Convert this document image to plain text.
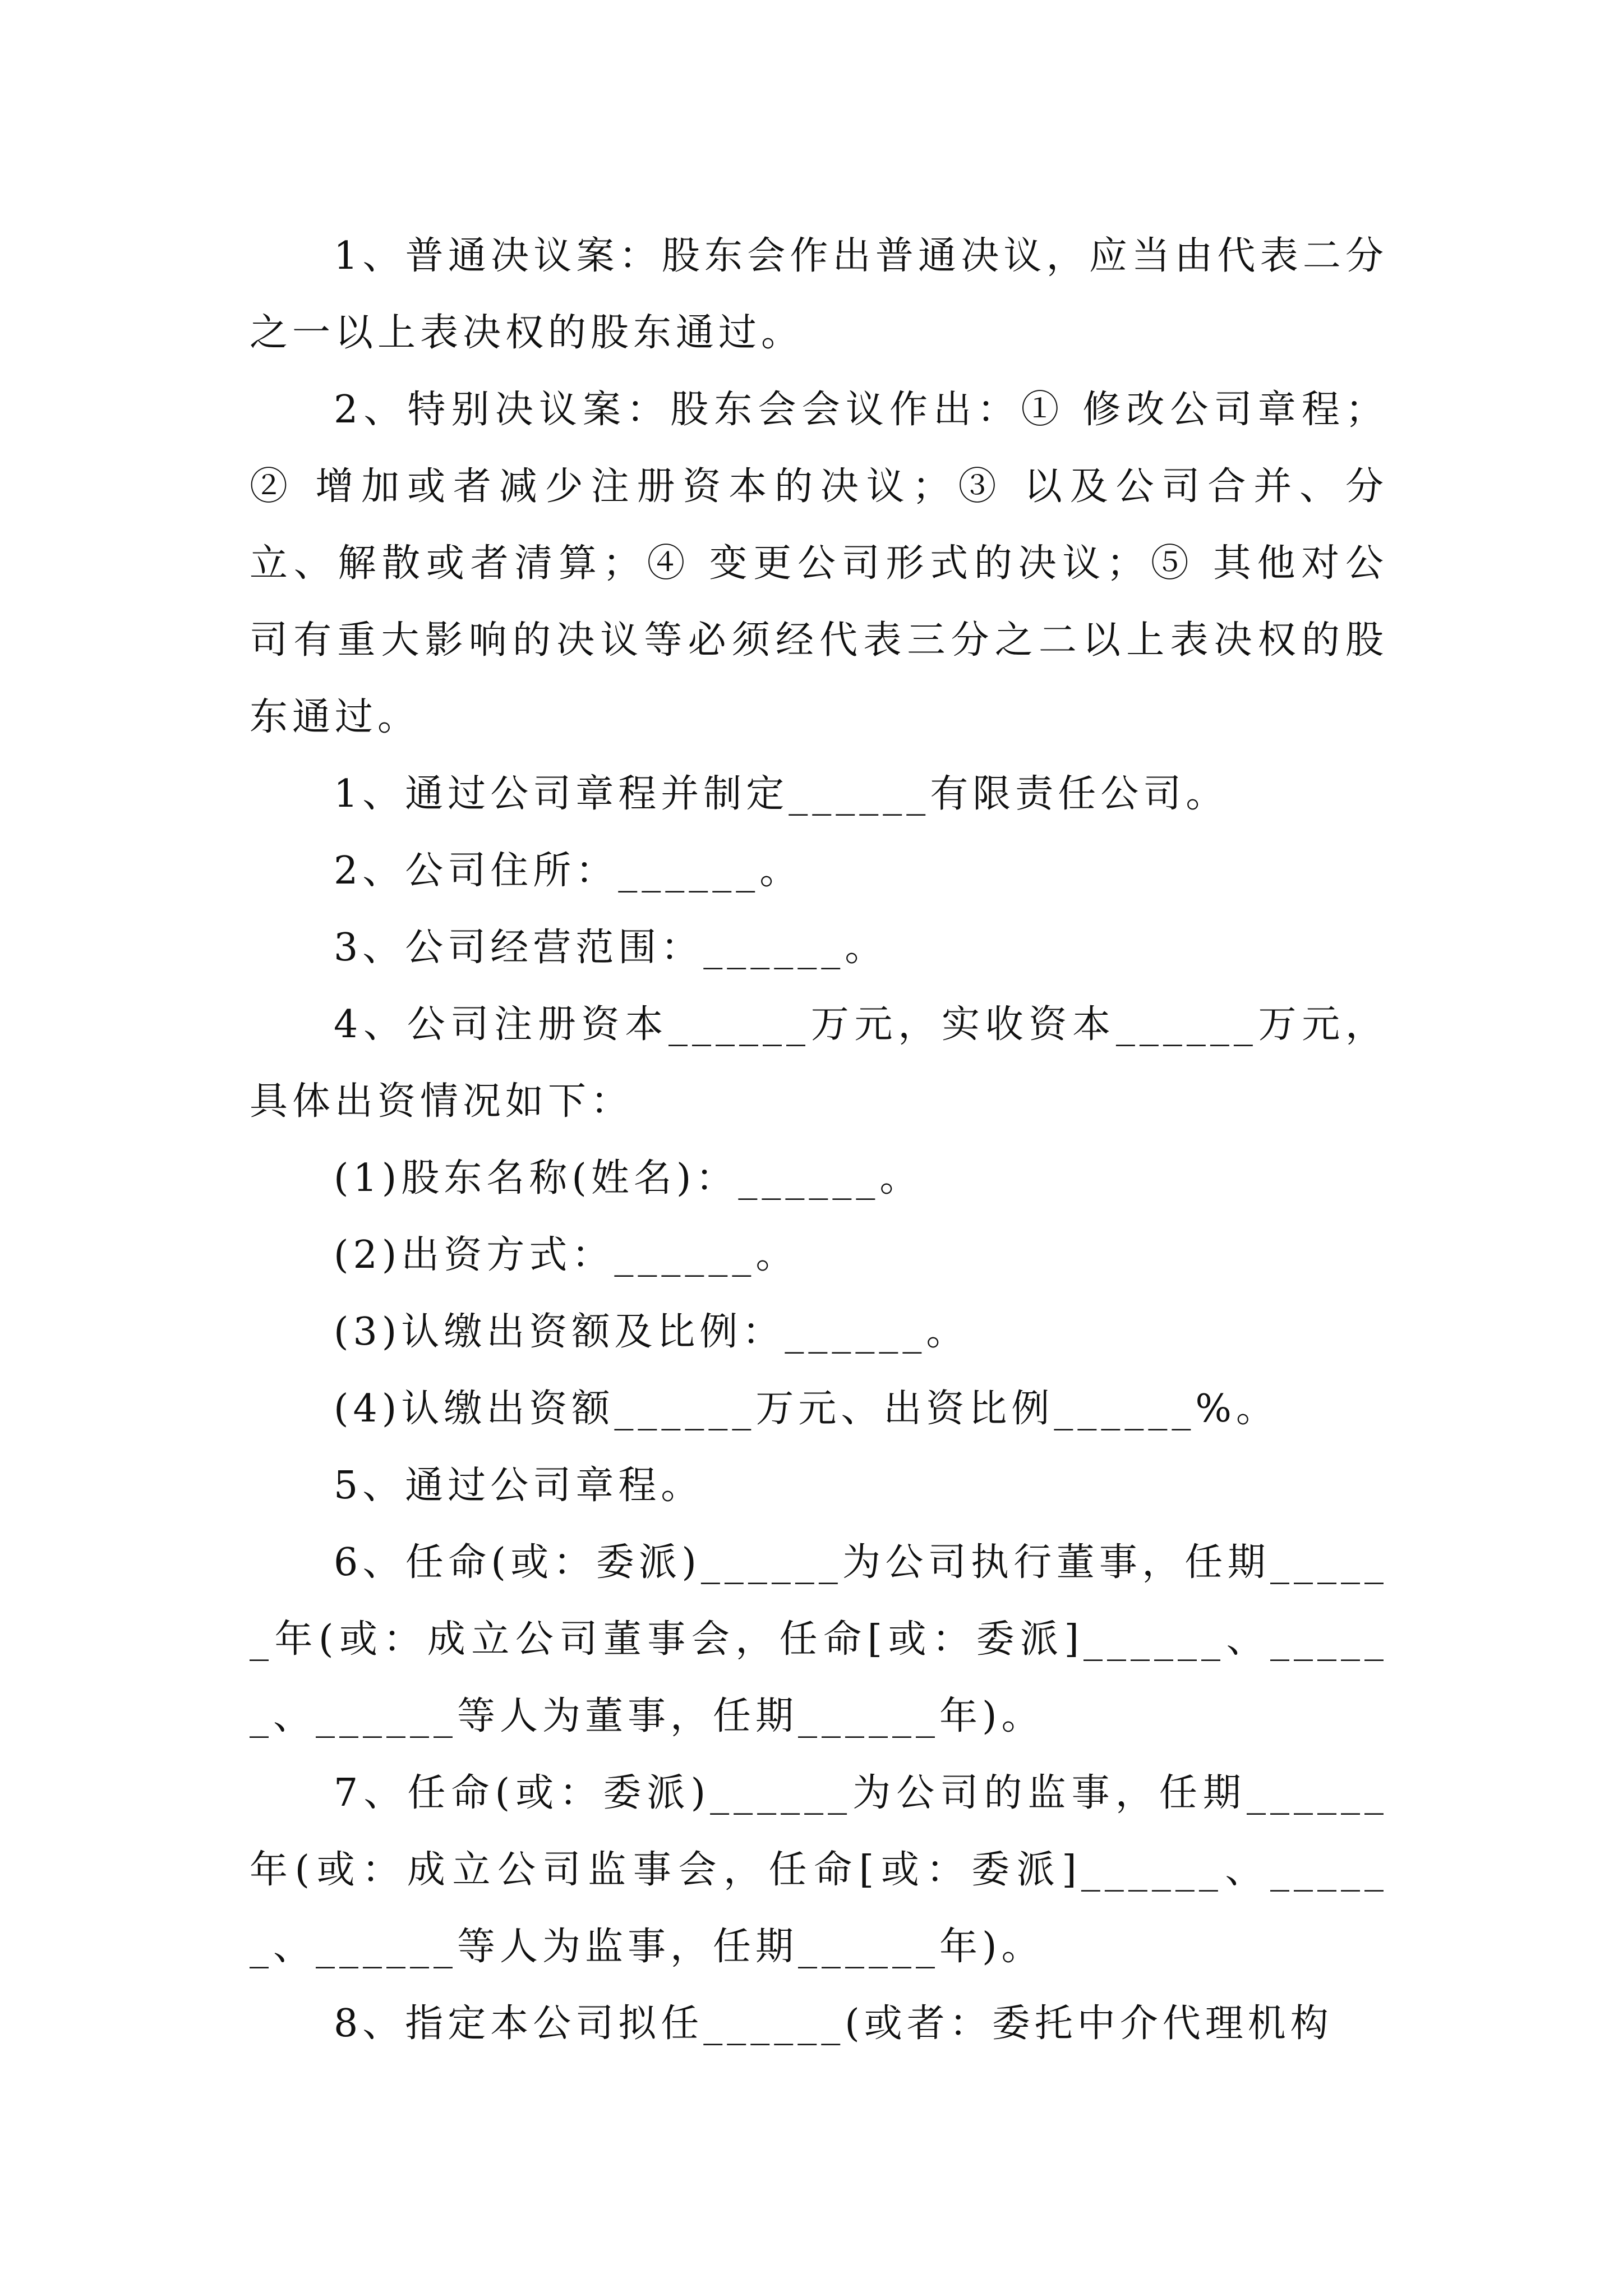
1、普通决议案：股东会作出普通决议，应当由代表二分之一以上表决权的股东通过。

2、特别决议案：股东会会议作出：① 修改公司章程；② 增加或者减少注册资本的决议；③ 以及公司合并、分立、解散或者清算；④ 变更公司形式的决议；⑤ 其他对公司有重大影响的决议等必须经代表三分之二以上表决权的股东通过。

1、通过公司章程并制定______有限责任公司。

2、公司住所：______。

3、公司经营范围：______。

4、公司注册资本______万元，实收资本______万元，具体出资情况如下：

(1)股东名称(姓名)：______。

(2)出资方式：______。

(3)认缴出资额及比例：______。

(4)认缴出资额______万元、出资比例______%。

5、通过公司章程。

6、任命(或：委派)______为公司执行董事，任期______年(或：成立公司董事会，任命[或：委派]______、______、______等人为董事，任期______年)。

7、任命(或：委派)______为公司的监事，任期______年(或：成立公司监事会，任命[或：委派]______、______、______等人为监事，任期______年)。

8、指定本公司拟任______(或者：委托中介代理机构
